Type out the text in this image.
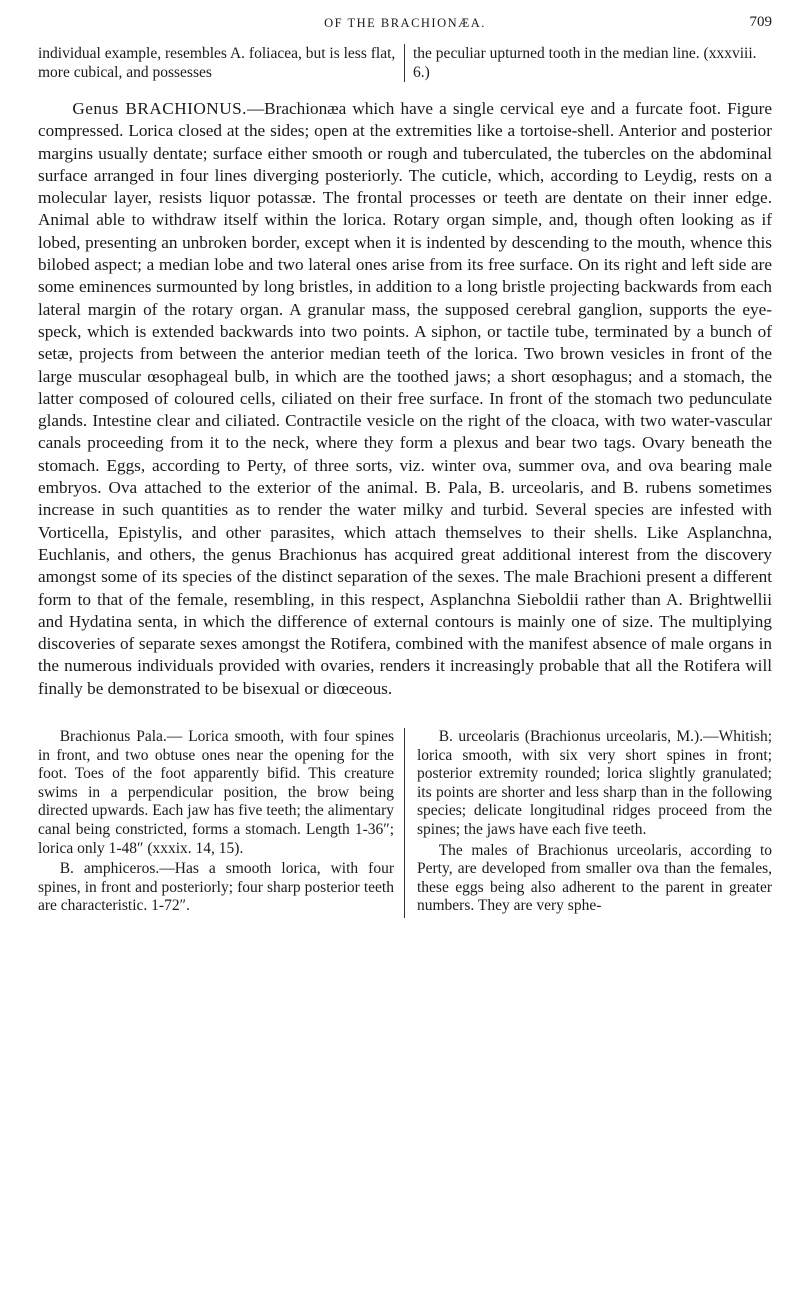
OF THE BRACHIONÆA.	709
individual example, resembles A. foliacea, but is less flat, more cubical, and possesses
the peculiar upturned tooth in the median line. (xxxviii. 6.)

Genus BRACHIONUS.—Brachionæa which have a single cervical eye and a furcate foot. Figure compressed. Lorica closed at the sides; open at the extremities like a tortoise-shell. Anterior and posterior margins usually dentate; surface either smooth or rough and tuberculated, the tubercles on the abdominal surface arranged in four lines diverging posteriorly. The cuticle, which, according to Leydig, rests on a molecular layer, resists liquor potassæ. The frontal processes or teeth are dentate on their inner edge. Animal able to withdraw itself within the lorica. Rotary organ simple, and, though often looking as if lobed, presenting an unbroken border, except when it is indented by descending to the mouth, whence this bilobed aspect; a median lobe and two lateral ones arise from its free surface. On its right and left side are some eminences surmounted by long bristles, in addition to a long bristle projecting backwards from each lateral margin of the rotary organ. A granular mass, the supposed cerebral ganglion, supports the eye-speck, which is extended backwards into two points. A siphon, or tactile tube, terminated by a bunch of setæ, projects from between the anterior median teeth of the lorica. Two brown vesicles in front of the large muscular œsophageal bulb, in which are the toothed jaws; a short œsophagus; and a stomach, the latter composed of coloured cells, ciliated on their free surface. In front of the stomach two pedunculate glands. Intestine clear and ciliated. Contractile vesicle on the right of the cloaca, with two water-vascular canals proceeding from it to the neck, where they form a plexus and bear two tags. Ovary beneath the stomach. Eggs, according to Perty, of three sorts, viz. winter ova, summer ova, and ova bearing male embryos. Ova attached to the exterior of the animal. B. Pala, B. urceolaris, and B. rubens sometimes increase in such quantities as to render the water milky and turbid. Several species are infested with Vorticella, Epistylis, and other parasites, which attach themselves to their shells. Like Asplanchna, Euchlanis, and others, the genus Brachionus has acquired great additional interest from the discovery amongst some of its species of the distinct separation of the sexes. The male Brachioni present a different form to that of the female, resembling, in this respect, Asplanchna Sieboldii rather than A. Brightwellii and Hydatina senta, in which the difference of external contours is mainly one of size. The multiplying discoveries of separate sexes amongst the Rotifera, combined with the manifest absence of male organs in the numerous individuals provided with ovaries, renders it increasingly probable that all the Rotifera will finally be demonstrated to be bisexual or diœceous.

Brachionus Pala.— Lorica smooth, with four spines in front, and two obtuse ones near the opening for the foot. Toes of the foot apparently bifid. This creature swims in a perpendicular position, the brow being directed upwards. Each jaw has five teeth; the alimentary canal being constricted, forms a stomach. Length 1-36″; lorica only 1-48″ (xxxix. 14, 15).

B. amphiceros.—Has a smooth lorica, with four spines, in front and posteriorly; four sharp posterior teeth are characteristic. 1-72″.

B. urceolaris (Brachionus urceolaris, M.).—Whitish; lorica smooth, with six very short spines in front; posterior extremity rounded; lorica slightly granulated; its points are shorter and less sharp than in the following species; delicate longitudinal ridges proceed from the spines; the jaws have each five teeth.

The males of Brachionus urceolaris, according to Perty, are developed from smaller ova than the females, these eggs being also adherent to the parent in greater numbers. They are very sphe-
